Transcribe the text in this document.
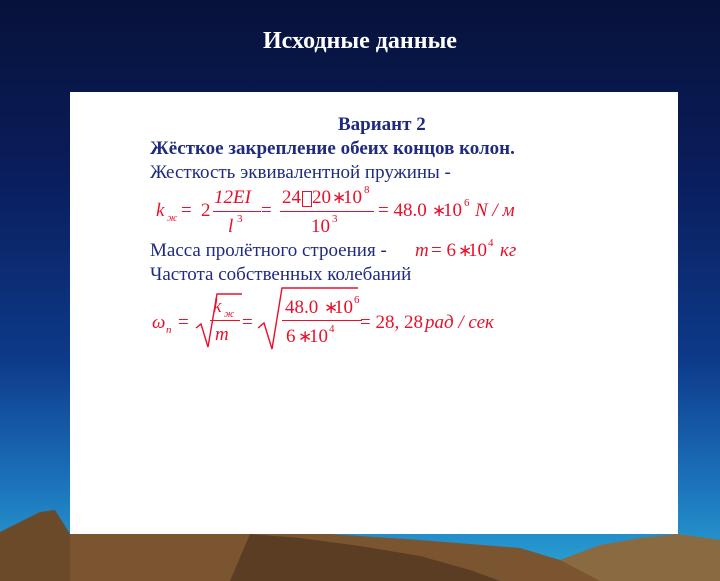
Исходные данные
Вариант 2
Жёсткое закрепление обеих концов колон.
Жесткость эквивалентной пружины -
k ж = 2
12EI
l 3 =
24 20 ∗
10 8
10 3 = 48.0 ∗
10 6 N / м
Масса пролётного строения - m = 6 ∗
10 4 кг
Частота собственных колебаний
ω n =
k ж
m
=
48.0 ∗
10 6
6 ∗
10 4 = 28, 28 рад / сек
